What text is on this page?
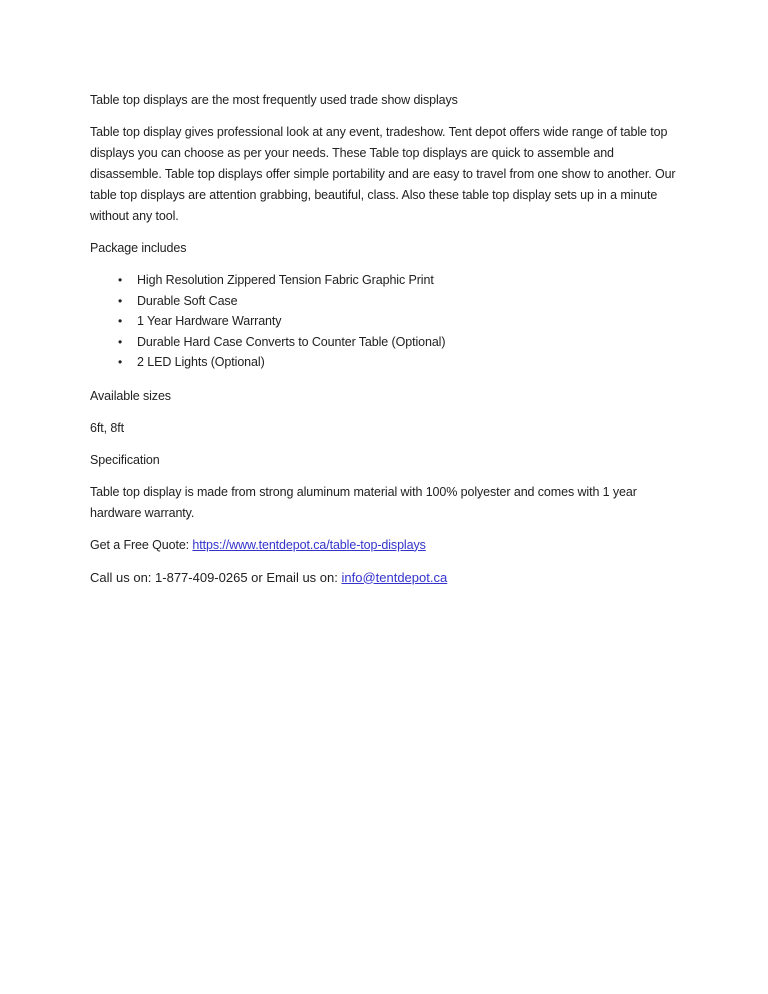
Table top displays are the most frequently used trade show displays

Table top display gives professional look at any event, tradeshow. Tent depot offers wide range of table top displays you can choose as per your needs. These Table top displays are quick to assemble and disassemble. Table top displays offer simple portability and are easy to travel from one show to another. Our table top displays are attention grabbing, beautiful, class. Also these table top display sets up in a minute without any tool.

Package includes

• High Resolution Zippered Tension Fabric Graphic Print
• Durable Soft Case
• 1 Year Hardware Warranty
• Durable Hard Case Converts to Counter Table (Optional)
• 2 LED Lights (Optional)

Available sizes

6ft, 8ft

Specification

Table top display is made from strong aluminum material with 100% polyester and comes with 1 year hardware warranty.

Get a Free Quote: https://www.tentdepot.ca/table-top-displays

Call us on: 1-877-409-0265 or Email us on: info@tentdepot.ca
